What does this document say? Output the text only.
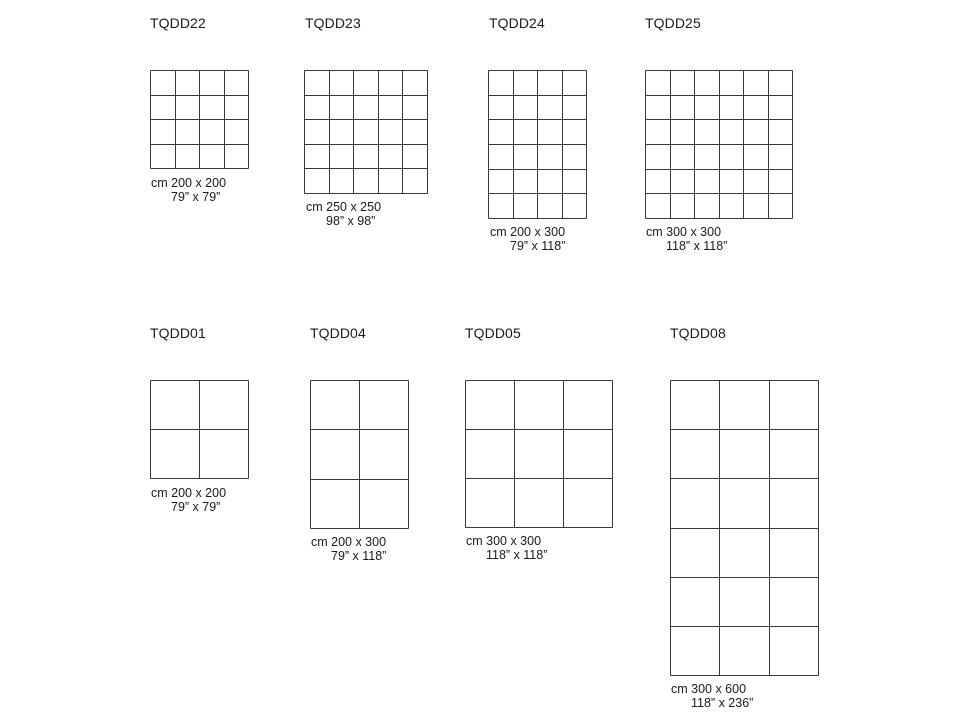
TQDD22
cm 200 x 200
79” x 79”
TQDD23
cm 250 x 250
98” x 98”
TQDD24
cm 200 x 300
79” x 118”
TQDD25
cm 300 x 300
118” x 118”
TQDD01
cm 200 x 200
79” x 79”
TQDD04
cm 200 x 300
79” x 118”
TQDD05
cm 300 x 300
118” x 118”
TQDD08
cm 300 x 600
118” x 236”
